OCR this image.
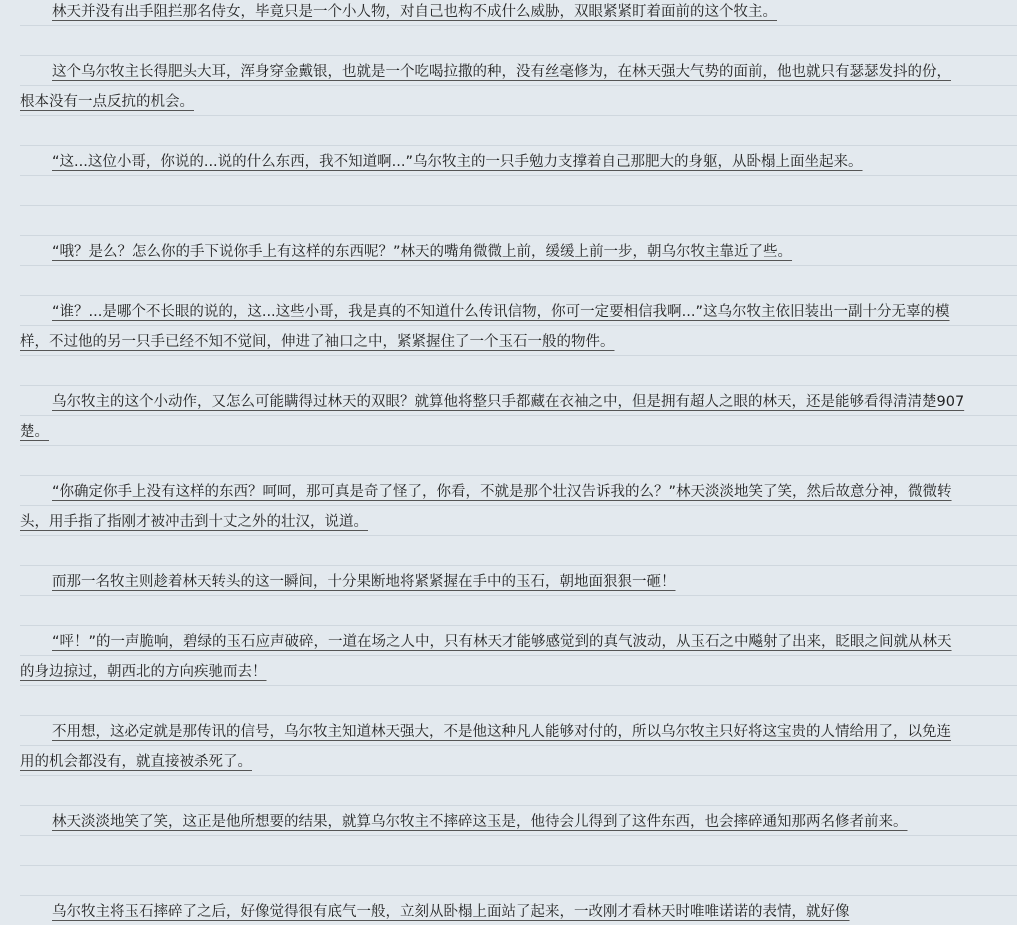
林天并没有出手阻拦那名侍女，毕竟只是一个小人物，对自己也构不成什么威胁，双眼紧紧盯着面前的这个牧主。

这个乌尔牧主长得肥头大耳，浑身穿金戴银，也就是一个吃喝拉撒的种，没有丝毫修为，在林天强大气势的面前，他也就只有瑟瑟发抖的份，根本没有一点反抗的机会。

“这...这位小哥，你说的...说的什么东西，我不知道啊...”乌尔牧主的一只手勉力支撑着自己那肥大的身躯，从卧榻上面坐起来。

“哦？是么？怎么你的手下说你手上有这样的东西呢？”林天的嘴角微微上前，缓缓上前一步，朝乌尔牧主靠近了些。

“谁？...是哪个不长眼的说的，这...这些小哥，我是真的不知道什么传讯信物，你可一定要相信我啊...”这乌尔牧主依旧装出一副十分无辜的模样，不过他的另一只手已经不知不觉间，伸进了袖口之中，紧紧握住了一个玉石一般的物件。

乌尔牧主的这个小动作，又怎么可能瞒得过林天的双眼？就算他将整只手都藏在衣袖之中，但是拥有超人之眼的林天，还是能够看得清清楚907楚。

“你确定你手上没有这样的东西？呵呵，那可真是奇了怪了，你看，不就是那个壮汉告诉我的么？”林天淡淡地笑了笑，然后故意分神，微微转头，用手指了指刚才被冲击到十丈之外的壮汉，说道。

而那一名牧主则趁着林天转头的这一瞬间，十分果断地将紧紧握在手中的玉石，朝地面狠狠一砸！

“呯！”的一声脆响，碧绿的玉石应声破碎，一道在场之人中，只有林天才能够感觉到的真气波动，从玉石之中飚射了出来，眨眼之间就从林天的身边掠过，朝西北的方向疾驰而去！

不用想，这必定就是那传讯的信号，乌尔牧主知道林天强大，不是他这种凡人能够对付的，所以乌尔牧主只好将这宝贵的人情给用了，以免连用的机会都没有，就直接被杀死了。

林天淡淡地笑了笑，这正是他所想要的结果，就算乌尔牧主不摔碎这玉是，他待会儿得到了这件东西，也会摔碎通知那两名修者前来。

乌尔牧主将玉石摔碎了之后，好像觉得很有底气一般，立刻从卧榻上面站了起来，一改刚才看林天时唯唯诺诺的表情，就好像
